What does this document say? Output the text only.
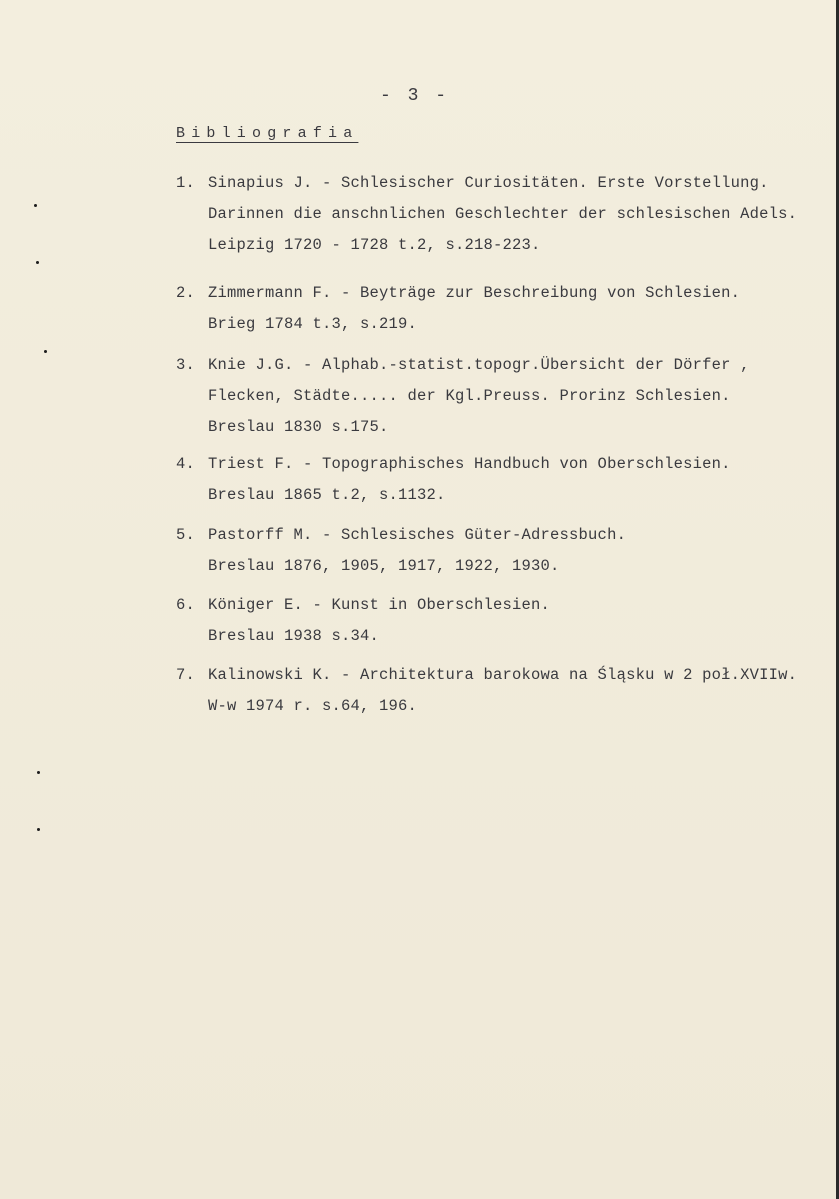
- 3 -
Bibliografia
1. Sinapius J. - Schlesischer Curiositäten. Erste Vorstellung.
Darinnen die anschnlichen Geschlechter der schlesischen Adels.
Leipzig 1720 - 1728 t.2, s.218-223.
2. Zimmermann F. - Beyträge zur Beschreibung von Schlesien.
Brieg 1784 t.3, s.219.
3. Knie J.G. - Alphab.-statist.topogr.Übersicht der Dörfer ,
Flecken, Städte..... der Kgl.Preuss. Prorinz Schlesien.
Breslau 1830 s.175.
4. Triest F. - Topographisches Handbuch von Oberschlesien.
Breslau 1865 t.2, s.1132.
5. Pastorff M. - Schlesisches Güter-Adressbuch.
Breslau 1876, 1905, 1917, 1922, 1930.
6. Königer E. - Kunst in Oberschlesien.
Breslau 1938 s.34.
7. Kalinowski K. - Architektura barokowa na Śląsku w 2 poł.XVIIw.
W-w 1974 r. s.64, 196.
